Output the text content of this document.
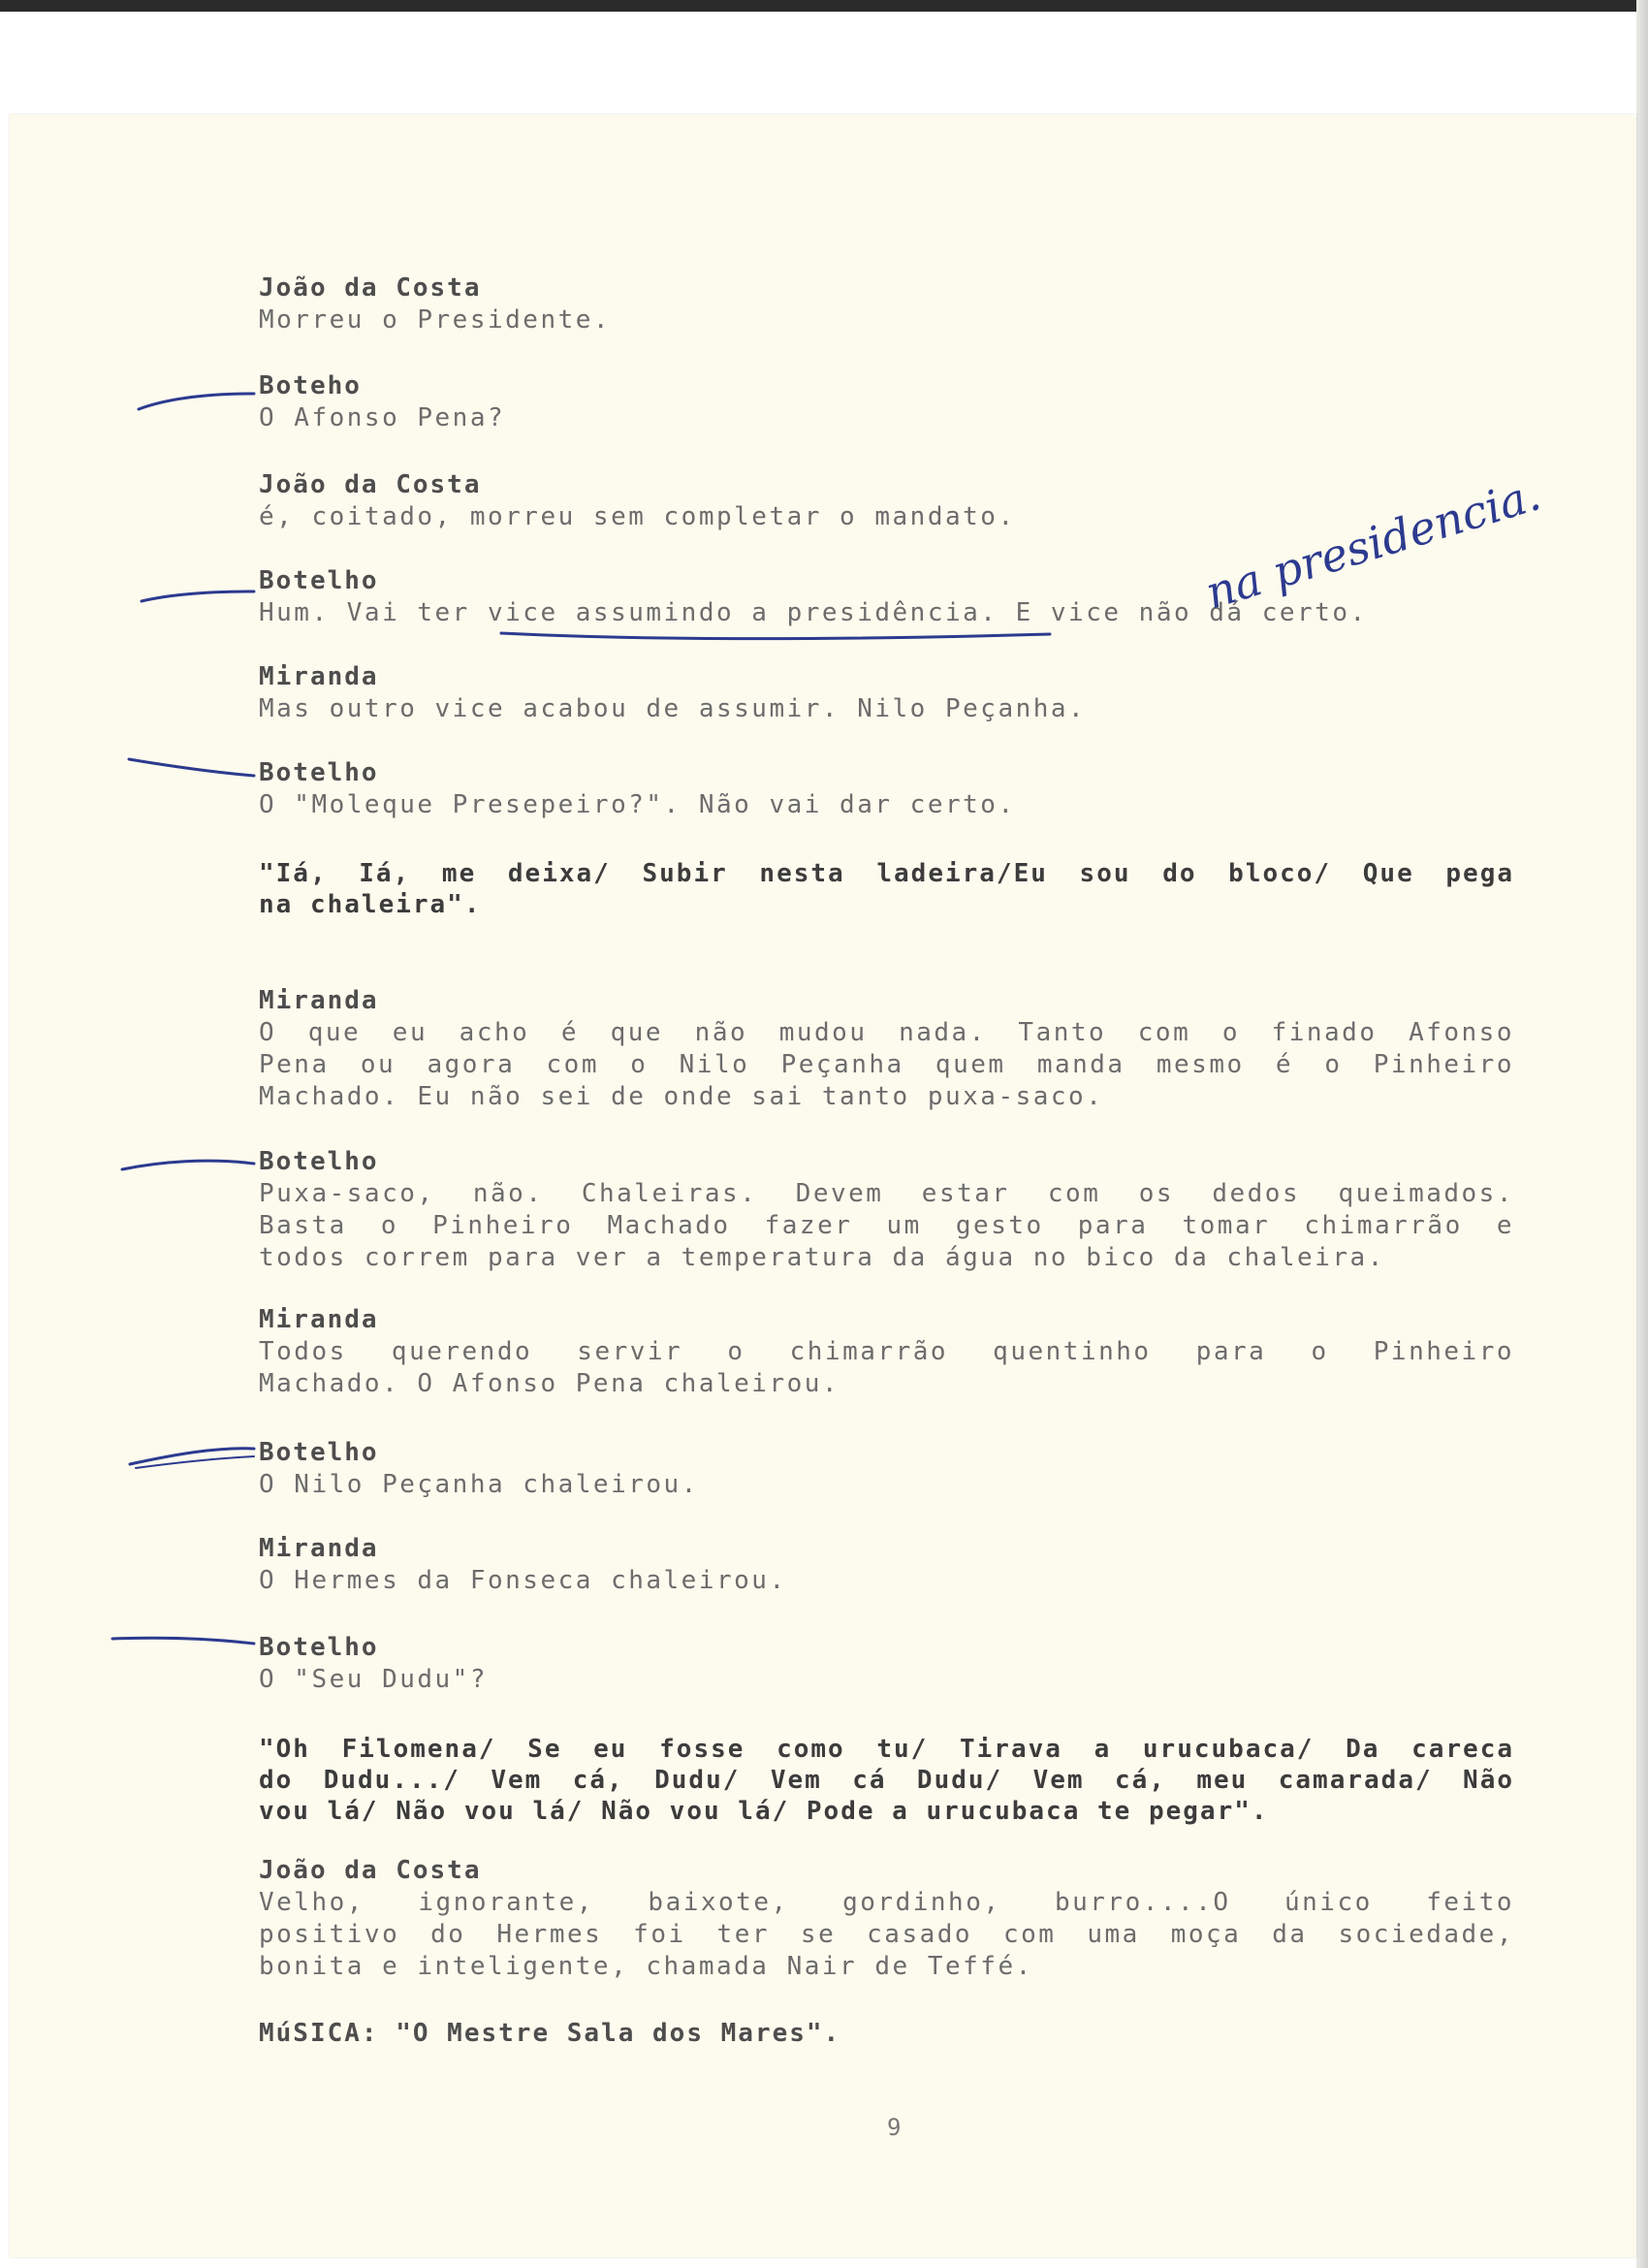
João da Costa
Morreu o Presidente.
Boteho
O Afonso Pena?
João da Costa
é, coitado, morreu sem completar o mandato.
Botelho
Hum. Vai ter vice assumindo a presidência. E vice não dá certo.
Miranda
Mas outro vice acabou de assumir. Nilo Peçanha.
Botelho
O "Moleque Presepeiro?". Não vai dar certo.
"Iá, Iá, me deixa/ Subir nesta ladeira/Eu sou do bloco/ Que pega
na chaleira".
Miranda
O que eu acho é que não mudou nada. Tanto com o finado Afonso
Pena ou agora com o Nilo Peçanha quem manda mesmo é o Pinheiro
Machado. Eu não sei de onde sai tanto puxa-saco.
Botelho
Puxa-saco, não. Chaleiras. Devem estar com os dedos queimados.
Basta o Pinheiro Machado fazer um gesto para tomar chimarrão e
todos correm para ver a temperatura da água no bico da chaleira.
Miranda
Todos querendo servir o chimarrão quentinho para o Pinheiro
Machado. O Afonso Pena chaleirou.
Botelho
O Nilo Peçanha chaleirou.
Miranda
O Hermes da Fonseca chaleirou.
Botelho
O "Seu Dudu"?
"Oh Filomena/ Se eu fosse como tu/ Tirava a urucubaca/ Da careca
do Dudu.../ Vem cá, Dudu/ Vem cá Dudu/ Vem cá, meu camarada/ Não
vou lá/ Não vou lá/ Não vou lá/ Pode a urucubaca te pegar".
João da Costa
Velho, ignorante, baixote, gordinho, burro....O único feito
positivo do Hermes foi ter se casado com uma moça da sociedade,
bonita e inteligente, chamada Nair de Teffé.
MúSICA: "O Mestre Sala dos Mares".
9
na presidencia.
